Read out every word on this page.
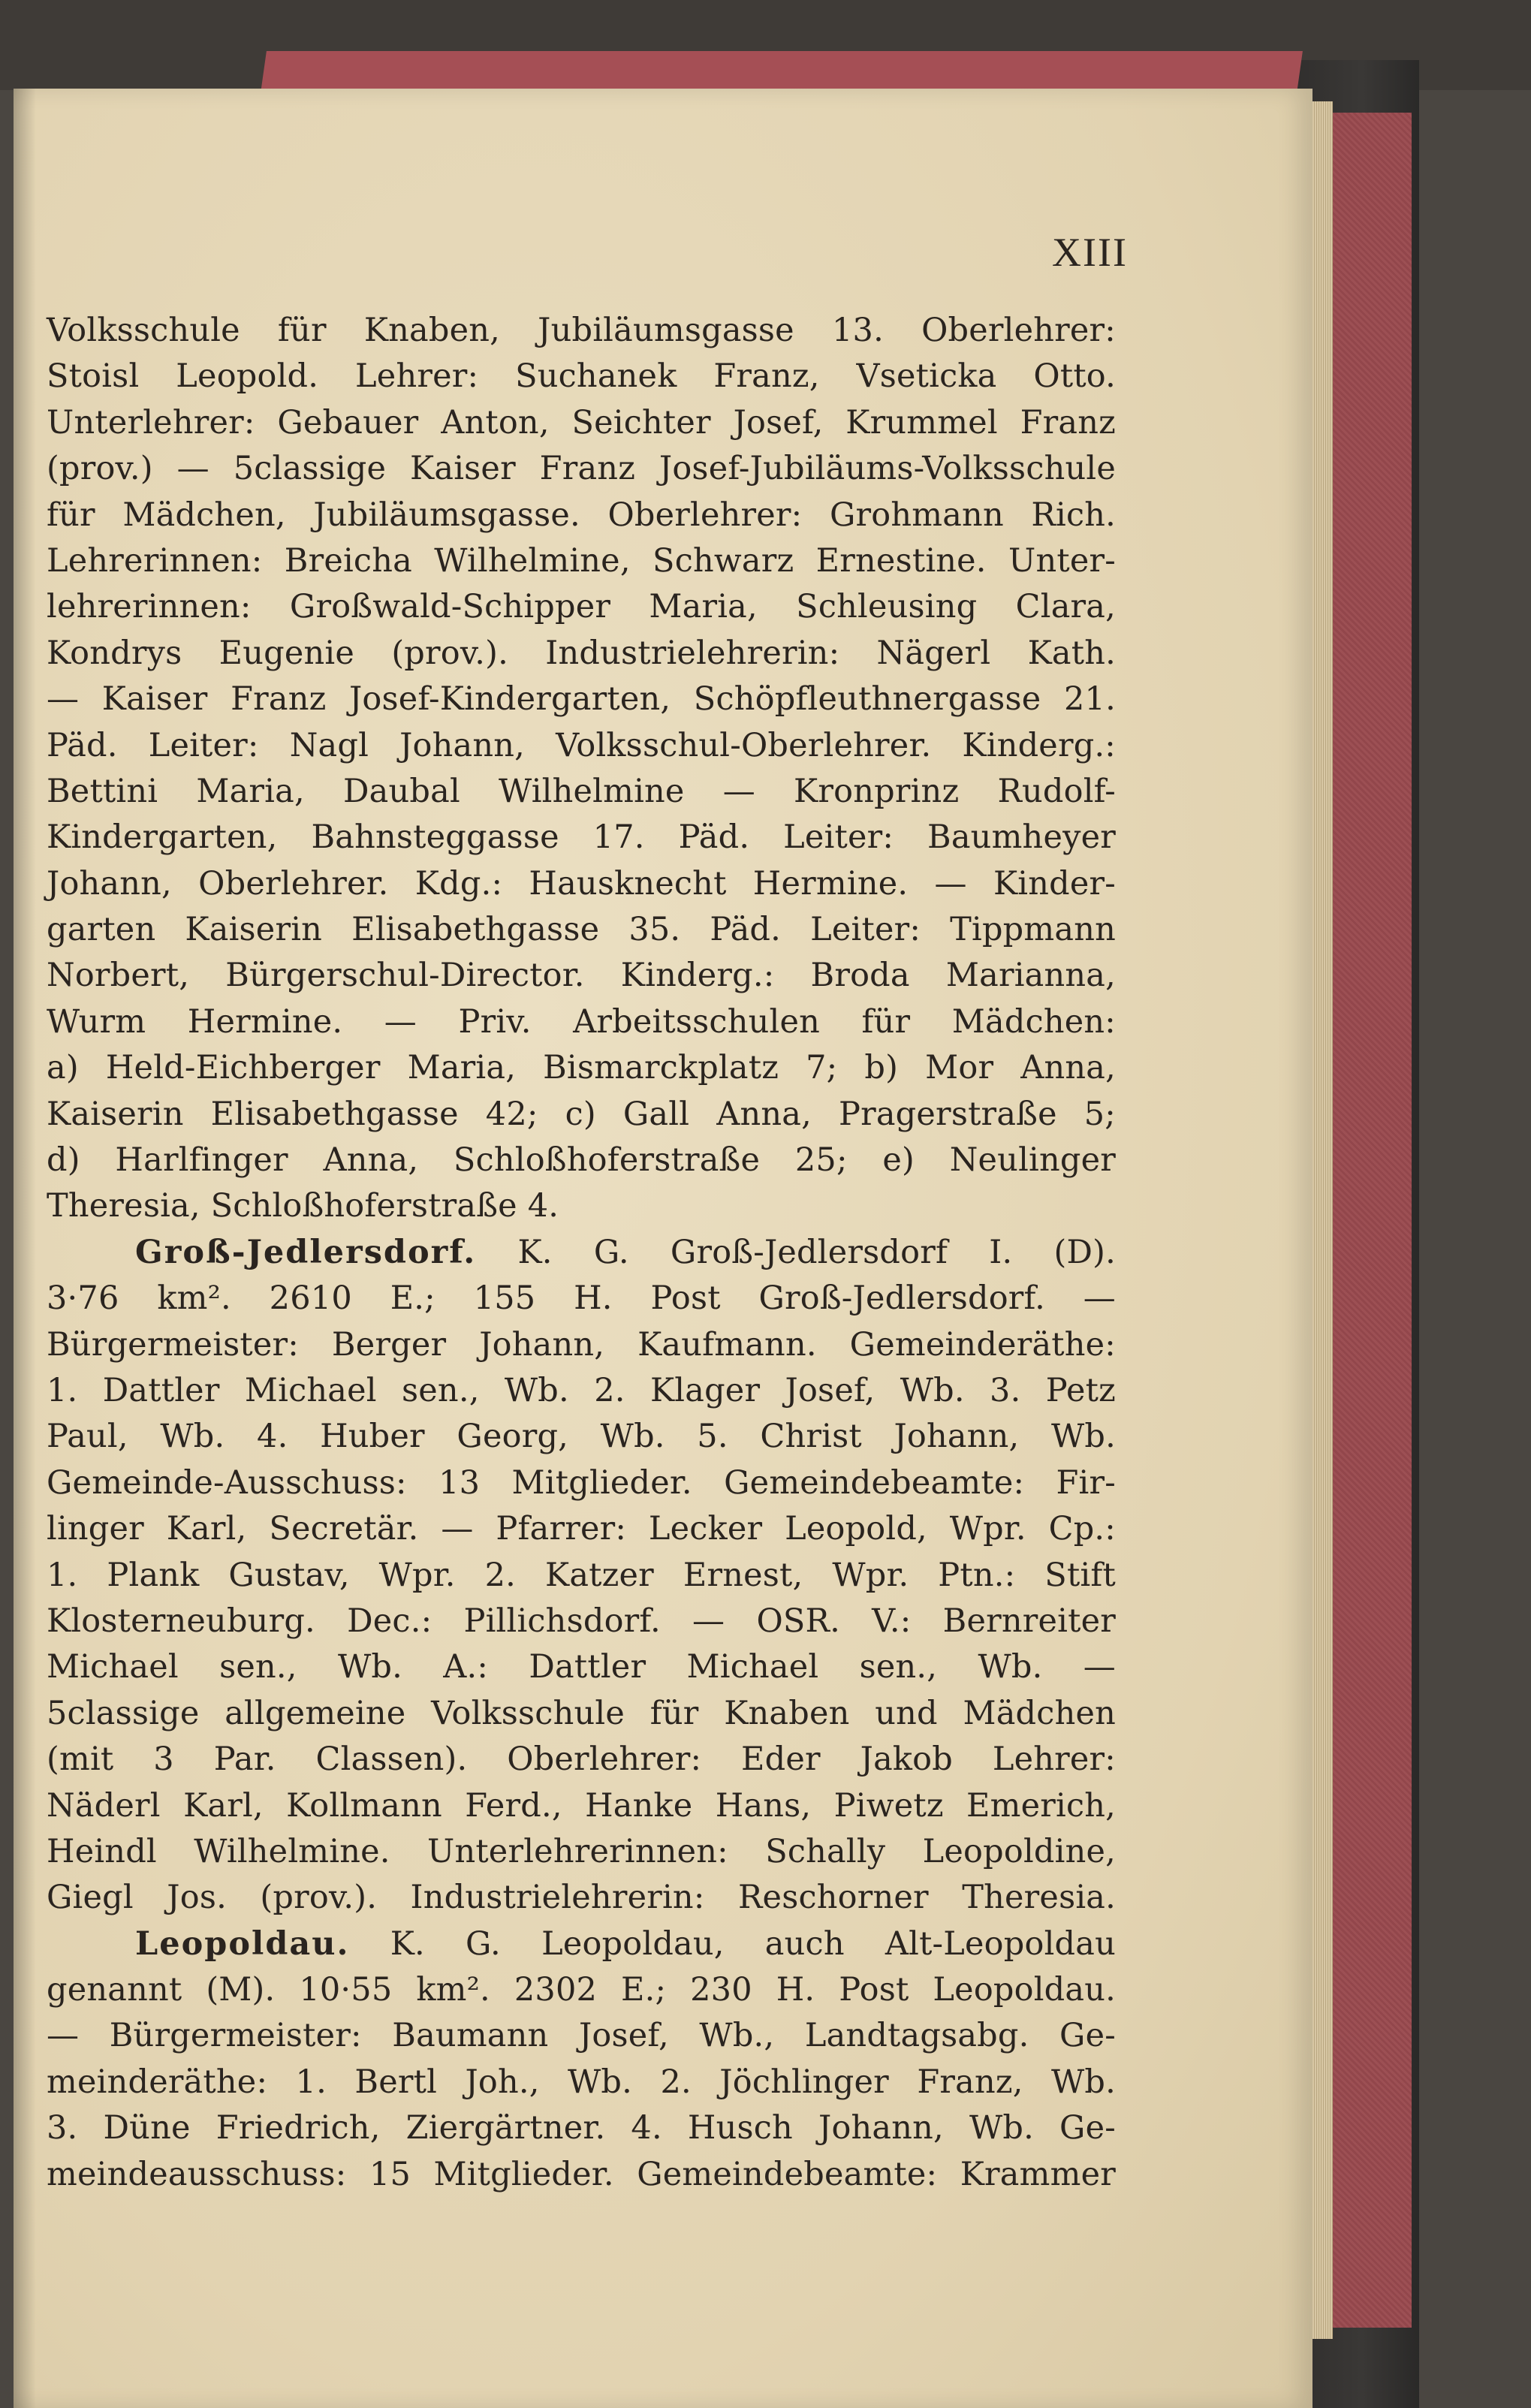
XIII
Volksschule für Knaben, Jubiläumsgasse 13. Oberlehrer:
Stoisl Leopold. Lehrer: Suchanek Franz, Vseticka Otto.
Unterlehrer: Gebauer Anton, Seichter Josef, Krummel Franz
(prov.) — 5classige Kaiser Franz Josef-Jubiläums-Volksschule
für Mädchen, Jubiläumsgasse. Oberlehrer: Grohmann Rich.
Lehrerinnen: Breicha Wilhelmine, Schwarz Ernestine. Unter-
lehrerinnen: Großwald-Schipper Maria, Schleusing Clara,
Kondrys Eugenie (prov.). Industrielehrerin: Nägerl Kath.
— Kaiser Franz Josef-Kindergarten, Schöpfleuthnergasse 21.
Päd. Leiter: Nagl Johann, Volksschul-Oberlehrer. Kinderg.:
Bettini Maria, Daubal Wilhelmine — Kronprinz Rudolf-
Kindergarten, Bahnsteggasse 17. Päd. Leiter: Baumheyer
Johann, Oberlehrer. Kdg.: Hausknecht Hermine. — Kinder-
garten Kaiserin Elisabethgasse 35. Päd. Leiter: Tippmann
Norbert, Bürgerschul-Director. Kinderg.: Broda Marianna,
Wurm Hermine. — Priv. Arbeitsschulen für Mädchen:
a) Held-Eichberger Maria, Bismarckplatz 7; b) Mor Anna,
Kaiserin Elisabethgasse 42; c) Gall Anna, Pragerstraße 5;
d) Harlfinger Anna, Schloßhoferstraße 25; e) Neulinger
Theresia, Schloßhoferstraße 4.
Groß-Jedlersdorf. K. G. Groß-Jedlersdorf I. (D).
3·76 km². 2610 E.; 155 H. Post Groß-Jedlersdorf. —
Bürgermeister: Berger Johann, Kaufmann. Gemeinderäthe:
1. Dattler Michael sen., Wb. 2. Klager Josef, Wb. 3. Petz
Paul, Wb. 4. Huber Georg, Wb. 5. Christ Johann, Wb.
Gemeinde-Ausschuss: 13 Mitglieder. Gemeindebeamte: Fir-
linger Karl, Secretär. — Pfarrer: Lecker Leopold, Wpr. Cp.:
1. Plank Gustav, Wpr. 2. Katzer Ernest, Wpr. Ptn.: Stift
Klosterneuburg. Dec.: Pillichsdorf. — OSR. V.: Bernreiter
Michael sen., Wb. A.: Dattler Michael sen., Wb. —
5classige allgemeine Volksschule für Knaben und Mädchen
(mit 3 Par. Classen). Oberlehrer: Eder Jakob Lehrer:
Näderl Karl, Kollmann Ferd., Hanke Hans, Piwetz Emerich,
Heindl Wilhelmine. Unterlehrerinnen: Schally Leopoldine,
Giegl Jos. (prov.). Industrielehrerin: Reschorner Theresia.
Leopoldau. K. G. Leopoldau, auch Alt-Leopoldau
genannt (M). 10·55 km². 2302 E.; 230 H. Post Leopoldau.
— Bürgermeister: Baumann Josef, Wb., Landtagsabg. Ge-
meinderäthe: 1. Bertl Joh., Wb. 2. Jöchlinger Franz, Wb.
3. Düne Friedrich, Ziergärtner. 4. Husch Johann, Wb. Ge-
meindeausschuss: 15 Mitglieder. Gemeindebeamte: Krammer
